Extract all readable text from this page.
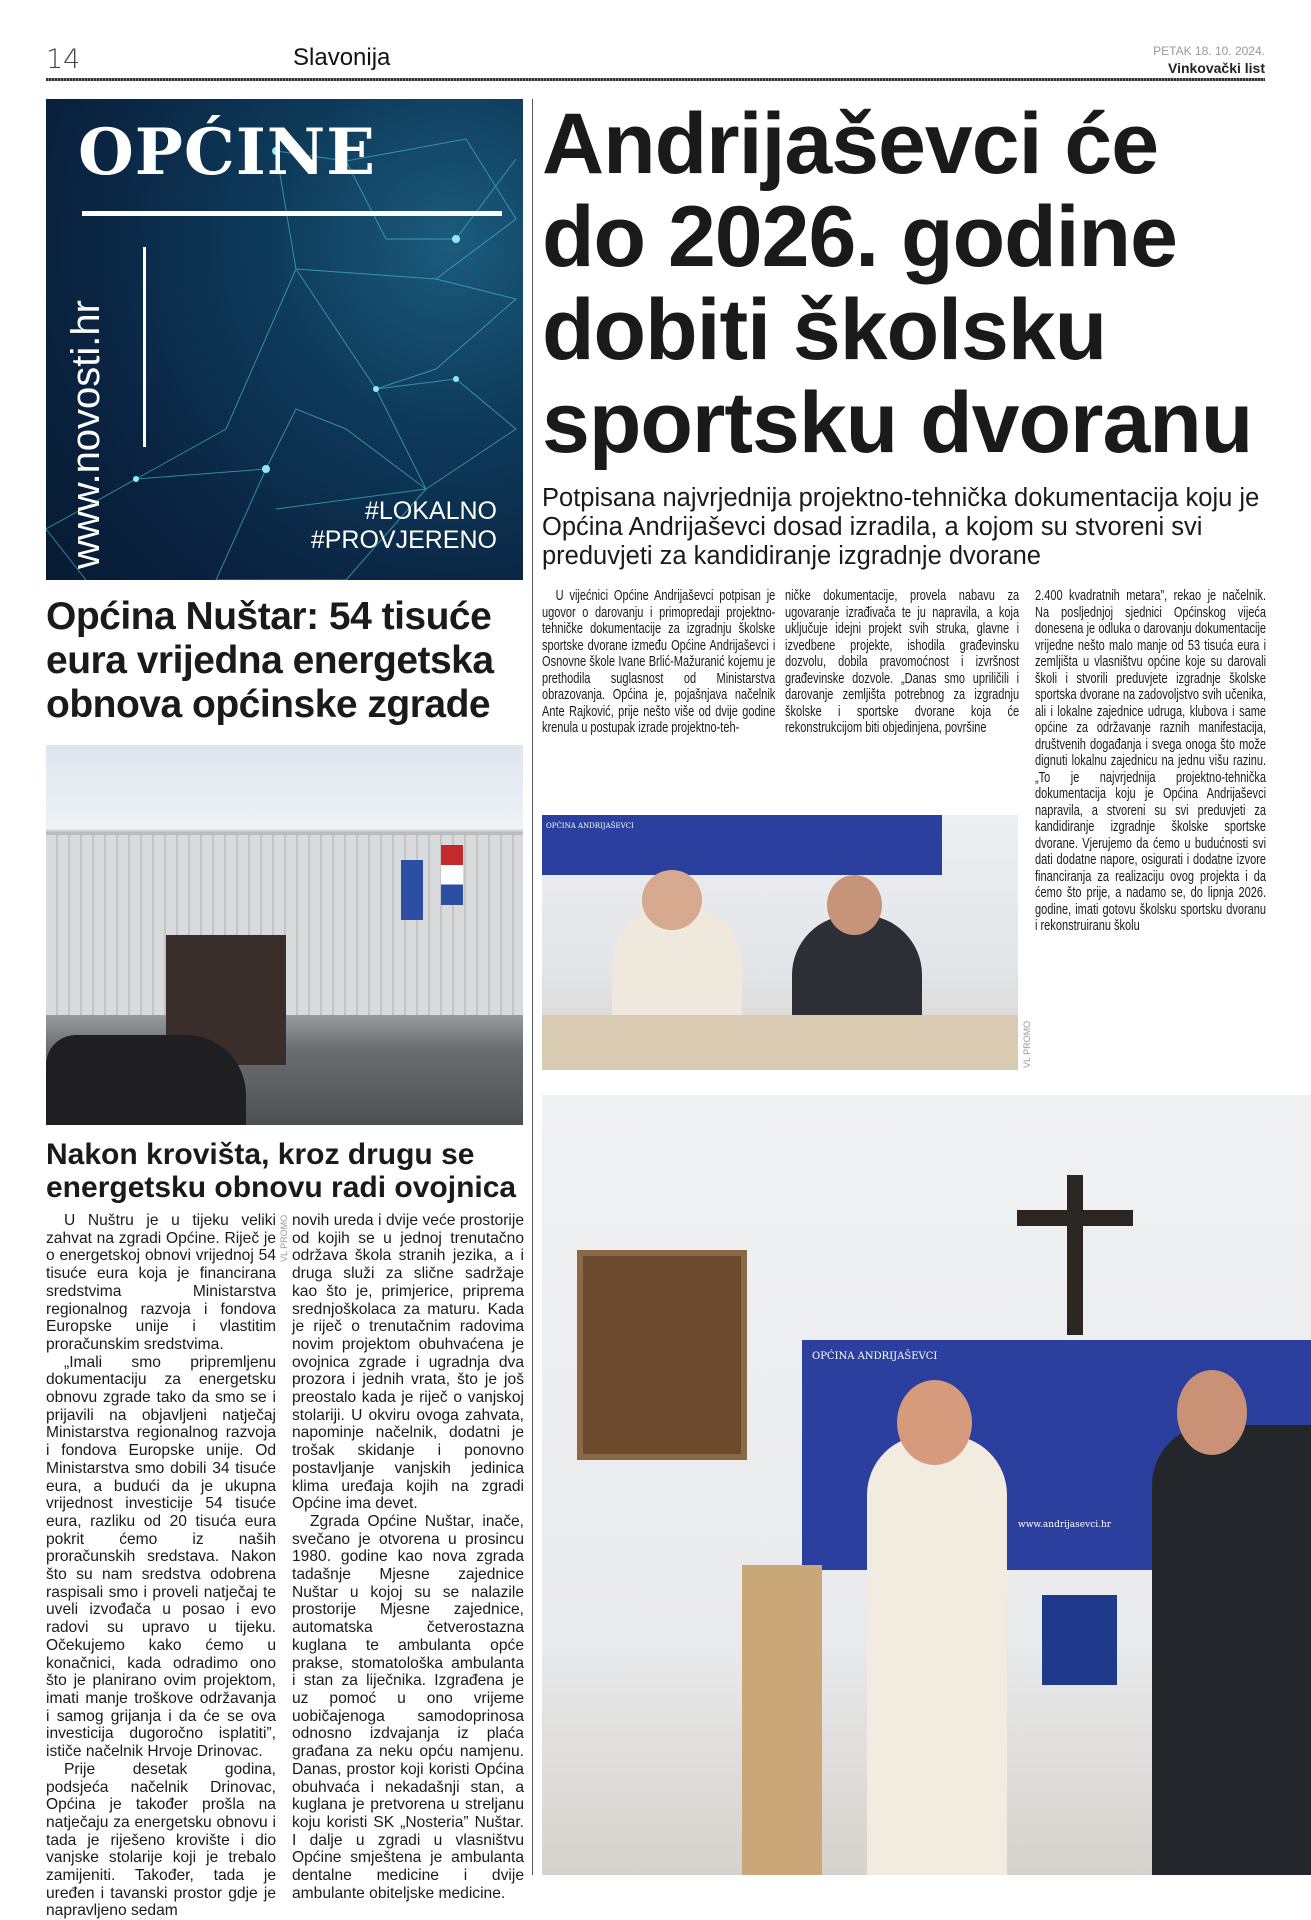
14	Slavonija	PETAK 18. 10. 2024.
Vinkovački list
OPĆINE
www.novosti.hr	#LOKALNO
#PROVJERENO
Općina Nuštar: 54 tisuće eura vrijedna energetska obnova općinske zgrade
Nakon krovišta, kroz drugu se energetsku obnovu radi ovojnica

U Nuštru je u tijeku veliki zahvat na zgradi Općine. Riječ je o energetskoj obnovi vrijednoj 54 tisuće eura koja je financirana sredstvima Ministarstva regionalnog razvoja i fondova Europske unije i vlastitim proračunskim sredstvima.

„Imali smo pripremljenu dokumentaciju za energetsku obnovu zgrade tako da smo se i prijavili na objavljeni natječaj Ministarstva regionalnog razvoja i fondova Europske unije. Od Ministarstva smo dobili 34 tisuće eura, a budući da je ukupna vrijednost investicije 54 tisuće eura, razliku od 20 tisuća eura pokrit ćemo iz naših proračunskih sredstava. Nakon što su nam sredstva odobrena raspisali smo i proveli natječaj te uveli izvođača u posao i evo radovi su upravo u tijeku. Očekujemo kako ćemo u konačnici, kada odradimo ono što je planirano ovim projektom, imati manje troškove održavanja i samog grijanja i da će se ova investicija dugoročno isplatiti”, ističe načelnik Hrvoje Drinovac.

Prije desetak godina, podsjeća načelnik Drinovac, Općina je također prošla na natječaju za energetsku obnovu i tada je riješeno krovište i dio vanjske stolarije koji je trebalo zamijeniti. Također, tada je uređen i tavanski prostor gdje je napravljeno sedam

VL PROMO novih ureda i dvije veće prostorije od kojih se u jednoj trenutačno održava škola stranih jezika, a i druga služi za slične sadržaje kao što je, primjerice, priprema srednjoškolaca za maturu. Kada je riječ o trenutačnim radovima novim projektom obuhvaćena je ovojnica zgrade i ugradnja dva prozora i jednih vrata, što je još preostalo kada je riječ o vanjskoj stolariji. U okviru ovoga zahvata, napominje načelnik, dodatni je trošak skidanje i ponovno postavljanje vanjskih jedinica klima uređaja kojih na zgradi Općine ima devet.

Zgrada Općine Nuštar, inače, svečano je otvorena u prosincu 1980. godine kao nova zgrada tadašnje Mjesne zajednice Nuštar u kojoj su se nalazile prostorije Mjesne zajednice, automatska četverostazna kuglana te ambulanta opće prakse, stomatološka ambulanta i stan za liječnika. Izgrađena je uz pomoć u ono vrijeme uobičajenoga samodoprinosa odnosno izdvajanja iz plaća građana za neku opću namjenu. Danas, prostor koji koristi Općina obuhvaća i nekadašnji stan, a kuglana je pretvorena u streljanu koju koristi SK „Nosteria” Nuštar. I dalje u zgradi u vlasništvu Općine smještena je ambulanta dentalne medicine i dvije ambulante obiteljske medicine.

Andrijaševci će do 2026. godine dobiti školsku sportsku dvoranu
Potpisana najvrjednija projektno-tehnička dokumentacija koju je Općina Andrijaševci dosad izradila, a kojom su stvoreni svi preduvjeti za kandidiranje izgradnje dvorane

U vijećnici Općine Andrijaševci potpisan je ugovor o darovanju i primopredaji projektno-tehničke dokumentacije za izgradnju školske sportske dvorane između Općine Andrijaševci i Osnovne škole Ivane Brlić-Mažuranić kojemu je prethodila suglasnost od Ministarstva obrazovanja. Općina je, pojašnjava načelnik Ante Rajković, prije nešto više od dvije godine krenula u postupak izrade projektno-teh-

ničke dokumentacije, provela nabavu za ugovaranje izrađivača te ju napravila, a koja uključuje idejni projekt svih struka, glavne i izvedbene projekte, ishodila građevinsku dozvolu, dobila pravomoćnost i izvršnost građevinske dozvole. „Danas smo upriličili i darovanje zemljišta potrebnog za izgradnju školske i sportske dvorane koja će rekonstrukcijom biti objedinjena, površine

2.400 kvadratnih metara”, rekao je načelnik. Na posljednjoj sjednici Općinskog vijeća donesena je odluka o darovanju dokumentacije vrijedne nešto malo manje od 53 tisuća eura i zemljišta u vlasništvu općine koje su darovali školi i stvorili preduvjete izgradnje školske sportska dvorane na zadovoljstvo svih učenika, ali i lokalne zajednice udruga, klubova i same općine za održavanje raznih manifestacija, društvenih događanja i svega onoga što može dignuti lokalnu zajednicu na jednu višu razinu. „To je najvrjednija projektno-tehnička dokumentacija koju je Općina Andrijaševci napravila, a stvoreni su svi preduvjeti za kandidiranje izgradnje školske sportske dvorane. Vjerujemo da ćemo u budućnosti svi dati dodatne napore, osigurati i dodatne izvore financiranja za realizaciju ovog projekta i da ćemo što prije, a nadamo se, do lipnja 2026. godine, imati gotovu školsku sportsku dvoranu i rekonstruiranu školu

OPĆINA ANDRIJAŠEVCI
VL PROMO
OPĆINA ANDRIJAŠEVCI
www.andrijasevci.hr
